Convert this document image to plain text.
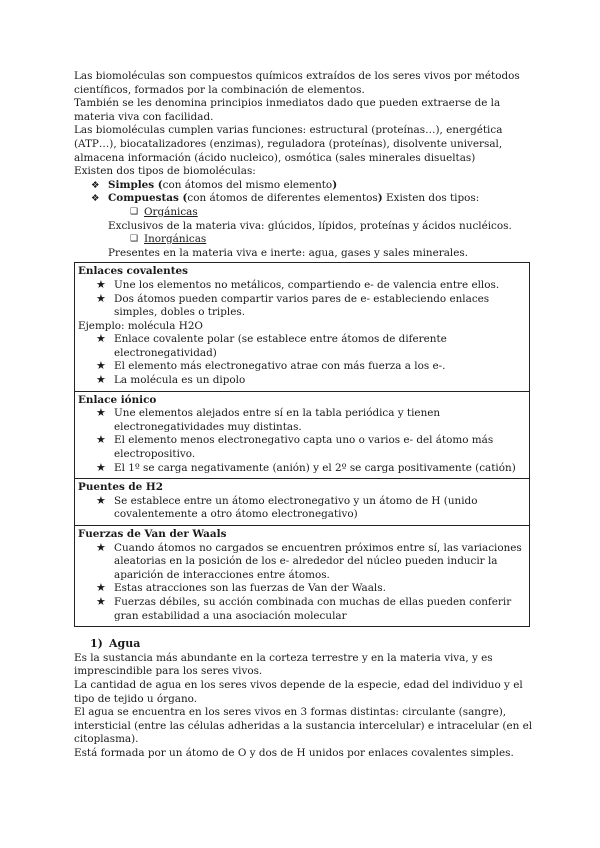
Las biomoléculas son compuestos químicos extraídos de los seres vivos por métodos científicos, formados por la combinación de elementos.

También se les denomina principios inmediatos dado que pueden extraerse de la materia viva con facilidad.

Las biomoléculas cumplen varias funciones: estructural (proteínas…), energética (ATP…), biocatalizadores (enzimas), reguladora (proteínas), disolvente universal, almacena información (ácido nucleico), osmótica (sales minerales disueltas)

Existen dos tipos de biomoléculas:

❖ Simples (con átomos del mismo elemento)
❖ Compuestas (con átomos de diferentes elementos) Existen dos tipos:
❑ Orgánicas

Exclusivos de la materia viva: glúcidos, lípidos, proteínas y ácidos nucléicos.

❑ Inorgánicas

Presentes en la materia viva e inerte: agua, gases y sales minerales.

Enlaces covalentes
★ Une los elementos no metálicos, compartiendo e- de valencia entre ellos.
★ Dos átomos pueden compartir varios pares de e- estableciendo enlaces simples, dobles o triples.
Ejemplo: molécula H2O
★ Enlace covalente polar (se establece entre átomos de diferente electronegatividad)
★ El elemento más electronegativo atrae con más fuerza a los e-.
★ La molécula es un dipolo
Enlace iónico
★ Une elementos alejados entre sí en la tabla periódica y tienen electronegatividades muy distintas.
★ El elemento menos electronegativo capta uno o varios e- del átomo más electropositivo.
★ El 1º se carga negativamente (anión) y el 2º se carga positivamente (catión)
Puentes de H2
★ Se establece entre un átomo electronegativo y un átomo de H (unido covalentemente a otro átomo electronegativo)
Fuerzas de Van der Waals
★ Cuando átomos no cargados se encuentren próximos entre sí, las variaciones aleatorias en la posición de los e- alrededor del núcleo pueden inducir la aparición de interacciones entre átomos.
★ Estas atracciones son las fuerzas de Van der Waals.
★ Fuerzas débiles, su acción combinada con muchas de ellas pueden conferir gran estabilidad a una asociación molecular
1) Agua

Es la sustancia más abundante en la corteza terrestre y en la materia viva, y es imprescindible para los seres vivos.

La cantidad de agua en los seres vivos depende de la especie, edad del individuo y el tipo de tejido u órgano.

El agua se encuentra en los seres vivos en 3 formas distintas: circulante (sangre), intersticial (entre las células adheridas a la sustancia intercelular) e intracelular (en el citoplasma).

Está formada por un átomo de O y dos de H unidos por enlaces covalentes simples.
